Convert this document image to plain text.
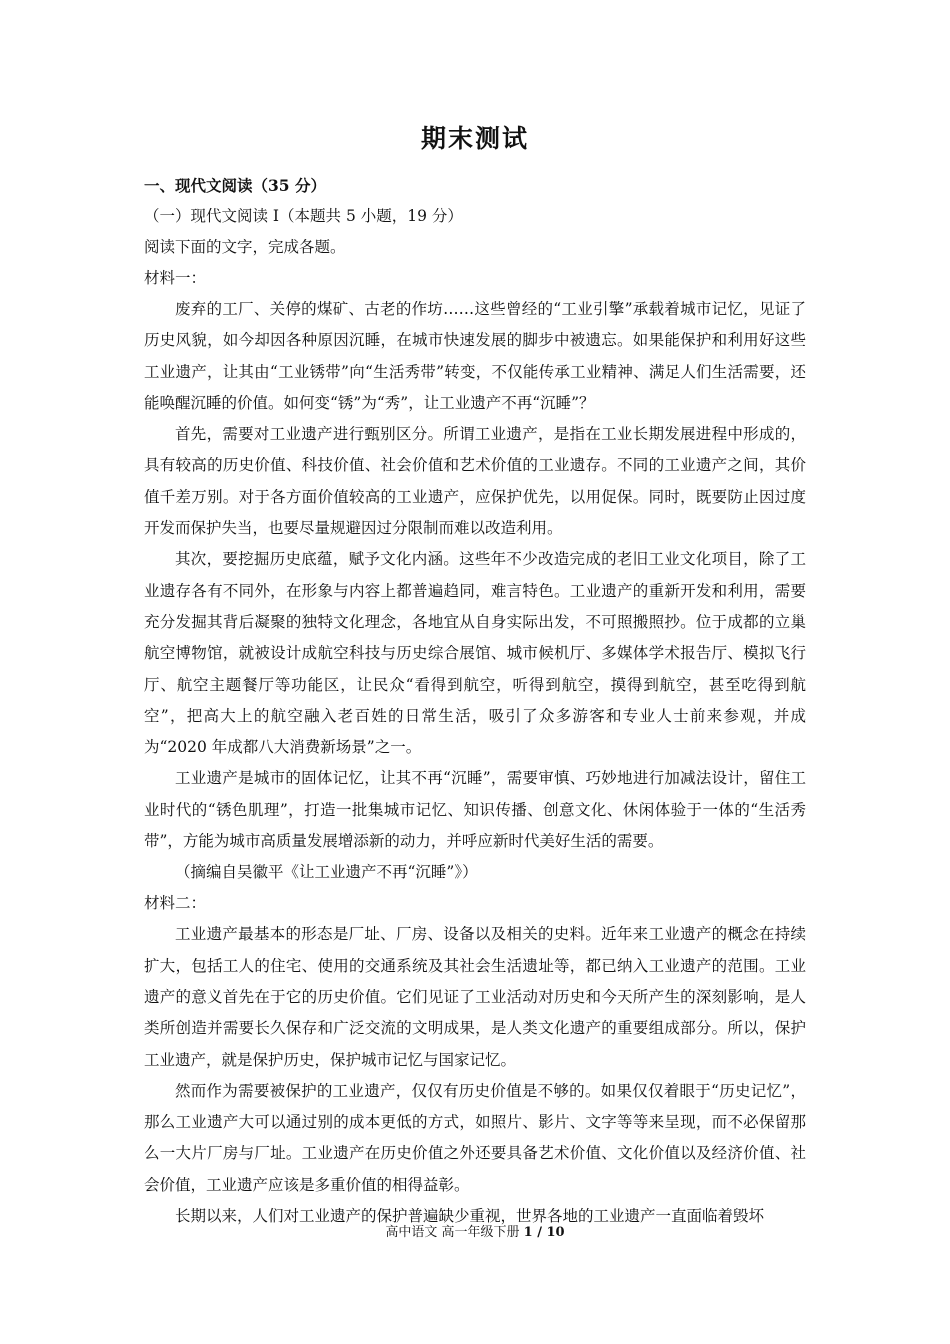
期末测试

一、现代文阅读（35 分）

（一）现代文阅读 I（本题共 5 小题，19 分）

阅读下面的文字，完成各题。

材料一：

废弃的工厂、关停的煤矿、古老的作坊……这些曾经的“工业引擎”承载着城市记忆，见证了历史风貌，如今却因各种原因沉睡，在城市快速发展的脚步中被遗忘。如果能保护和利用好这些工业遗产，让其由“工业锈带”向“生活秀带”转变，不仅能传承工业精神、满足人们生活需要，还能唤醒沉睡的价值。如何变“锈”为“秀”，让工业遗产不再“沉睡”？

首先，需要对工业遗产进行甄别区分。所谓工业遗产，是指在工业长期发展进程中形成的，具有较高的历史价值、科技价值、社会价值和艺术价值的工业遗存。不同的工业遗产之间，其价值千差万别。对于各方面价值较高的工业遗产，应保护优先，以用促保。同时，既要防止因过度开发而保护失当，也要尽量规避因过分限制而难以改造利用。

其次，要挖掘历史底蕴，赋予文化内涵。这些年不少改造完成的老旧工业文化项目，除了工业遗存各有不同外，在形象与内容上都普遍趋同，难言特色。工业遗产的重新开发和利用，需要充分发掘其背后凝聚的独特文化理念，各地宜从自身实际出发，不可照搬照抄。位于成都的立巢航空博物馆，就被设计成航空科技与历史综合展馆、城市候机厅、多媒体学术报告厅、模拟飞行厅、航空主题餐厅等功能区，让民众“看得到航空，听得到航空，摸得到航空，甚至吃得到航空”，把高大上的航空融入老百姓的日常生活，吸引了众多游客和专业人士前来参观，并成为“2020 年成都八大消费新场景”之一。

工业遗产是城市的固体记忆，让其不再“沉睡”，需要审慎、巧妙地进行加减法设计，留住工业时代的“锈色肌理”，打造一批集城市记忆、知识传播、创意文化、休闲体验于一体的“生活秀带”，方能为城市高质量发展增添新的动力，并呼应新时代美好生活的需要。

（摘编自吴徽平《让工业遗产不再“沉睡”》）

材料二：

工业遗产最基本的形态是厂址、厂房、设备以及相关的史料。近年来工业遗产的概念在持续扩大，包括工人的住宅、使用的交通系统及其社会生活遗址等，都已纳入工业遗产的范围。工业遗产的意义首先在于它的历史价值。它们见证了工业活动对历史和今天所产生的深刻影响，是人类所创造并需要长久保存和广泛交流的文明成果，是人类文化遗产的重要组成部分。所以，保护工业遗产，就是保护历史，保护城市记忆与国家记忆。

然而作为需要被保护的工业遗产，仅仅有历史价值是不够的。如果仅仅着眼于“历史记忆”，那么工业遗产大可以通过别的成本更低的方式，如照片、影片、文字等等来呈现，而不必保留那么一大片厂房与厂址。工业遗产在历史价值之外还要具备艺术价值、文化价值以及经济价值、社会价值，工业遗产应该是多重价值的相得益彰。

长期以来，人们对工业遗产的保护普遍缺少重视，世界各地的工业遗产一直面临着毁坏

高中语文 高一年级下册 1 / 10
